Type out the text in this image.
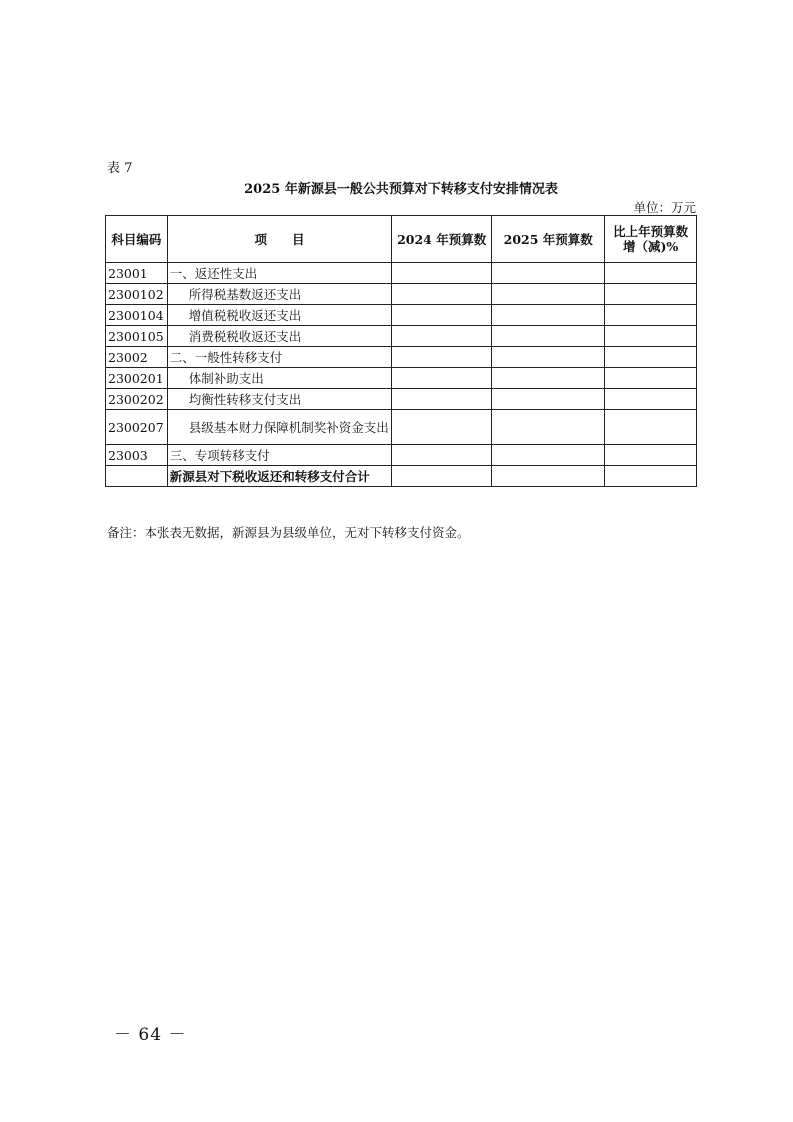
表 7
2025 年新源县一般公共预算对下转移支付安排情况表
单位：万元
科目编码	项　　目	2024 年预算数	2025 年预算数	比上年预算数
增（减)%
23001	一、返还性支出			
2300102	所得税基数返还支出			
2300104	增值税税收返还支出			
2300105	消费税税收返还支出			
23002	二、一般性转移支付			
2300201	体制补助支出			
2300202	均衡性转移支付支出			
2300207	县级基本财力保障机制奖补资金支出			
23003	三、专项转移支付			
	新源县对下税收返还和转移支付合计			
备注：本张表无数据，新源县为县级单位，无对下转移支付资金。
－ 64 －
